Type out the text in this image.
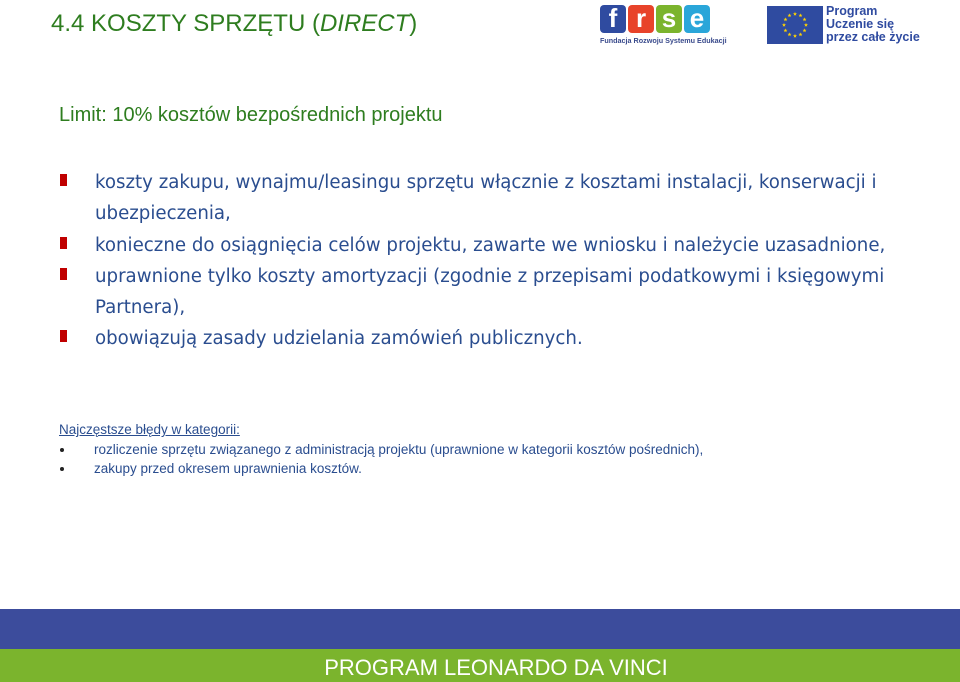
4.4 KOSZTY SPRZĘTU (DIRECT)	f r s e
Fundacja Rozwoju Systemu Edukacji
Program
Uczenie się
przez całe życie
Limit: 10% kosztów bezpośrednich projektu
koszty zakupu, wynajmu/leasingu sprzętu włącznie z kosztami instalacji, konserwacji i ubezpieczenia,
konieczne do osiągnięcia celów projektu, zawarte we wniosku i należycie uzasadnione,
uprawnione tylko koszty amortyzacji (zgodnie z przepisami podatkowymi i księgowymi Partnera),
obowiązują zasady udzielania zamówień publicznych.
Najczęstsze błędy w kategorii:
rozliczenie sprzętu związanego z administracją projektu (uprawnione w kategorii kosztów pośrednich),
zakupy przed okresem uprawnienia kosztów.
PROGRAM LEONARDO DA VINCI
